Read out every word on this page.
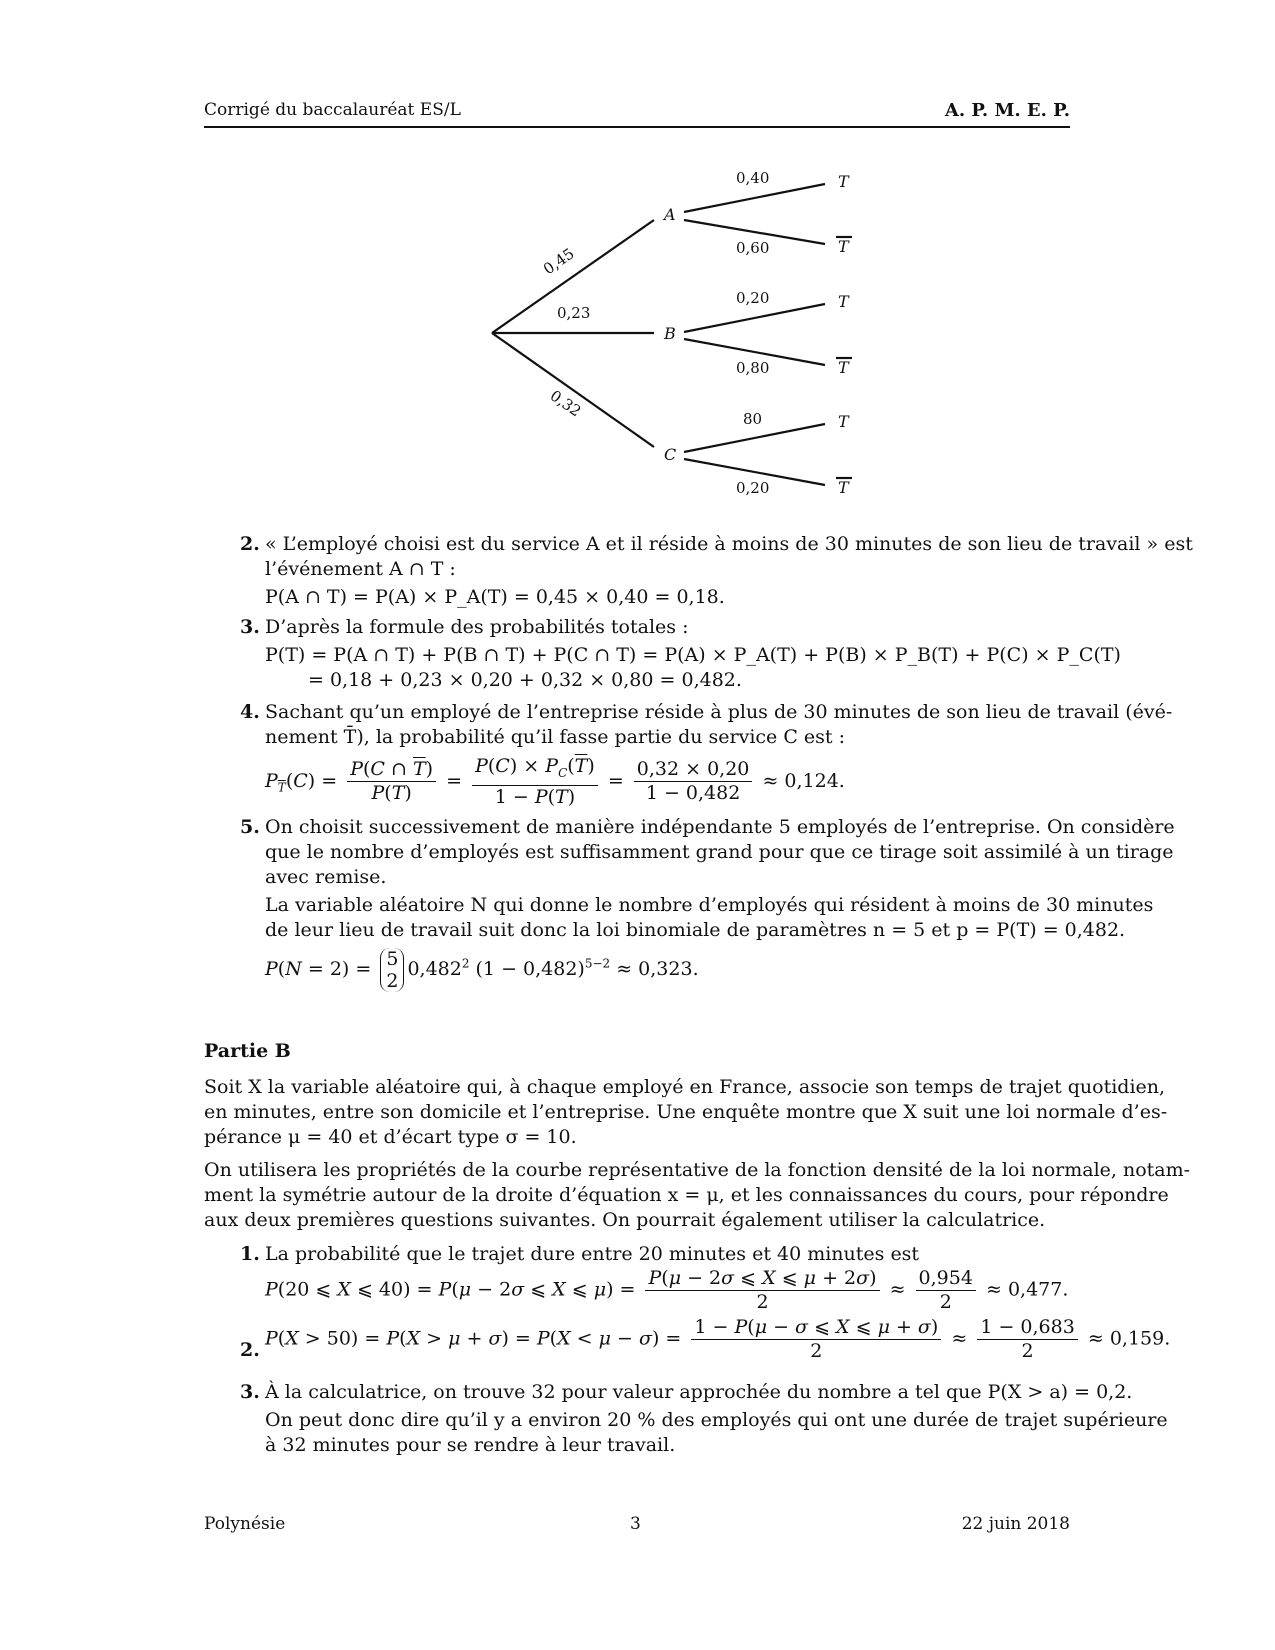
Corrigé du baccalauréat ES/L	A. P. M. E. P.
A
B
C
0,45
0,23
0,32
0,40
0,60
0,20
0,80
80
0,20
T
T
T
T
T
T
2. « L’employé choisi est du service A et il réside à moins de 30 minutes de son lieu de travail » est
l’événement A ∩ T :
P(A ∩ T) = P(A) × P_A(T) = 0,45 × 0,40 = 0,18.
3. D’après la formule des probabilités totales :
P(T) = P(A ∩ T) + P(B ∩ T) + P(C ∩ T) = P(A) × P_A(T) + P(B) × P_B(T) + P(C) × P_C(T)
= 0,18 + 0,23 × 0,20 + 0,32 × 0,80 = 0,482.
4. Sachant qu’un employé de l’entreprise réside à plus de 30 minutes de son lieu de travail (évé-
nement T̄), la probabilité qu’il fasse partie du service C est :
$P_{\overline{T}}(C) = \frac{P(C \cap \overline{T})}{P(\overline{T})} = \frac{P(C) \times P_C(\overline{T})}{1 - P(T)} = \frac{0,32 \times 0,20}{1 - 0,482} \approx 0,124$.
5. On choisit successivement de manière indépendante 5 employés de l’entreprise. On considère
que le nombre d’employés est suffisamment grand pour que ce tirage soit assimilé à un tirage
avec remise.
La variable aléatoire N qui donne le nombre d’employés qui résident à moins de 30 minutes
de leur lieu de travail suit donc la loi binomiale de paramètres n = 5 et p = P(T) = 0,482.
P(N = 2) = 5
2
0,482$^2$ $(1 - 0,482)^{5-2} \approx 0,323$.
Partie B
Soit X la variable aléatoire qui, à chaque employé en France, associe son temps de trajet quotidien,
en minutes, entre son domicile et l’entreprise. Une enquête montre que X suit une loi normale d’es-
pérance μ = 40 et d’écart type σ = 10.
On utilisera les propriétés de la courbe représentative de la fonction densité de la loi normale, notam-
ment la symétrie autour de la droite d’équation x = μ, et les connaissances du cours, pour répondre
aux deux premières questions suivantes. On pourrait également utiliser la calculatrice.
1. La probabilité que le trajet dure entre 20 minutes et 40 minutes est
P(20 ⩽ X ⩽ 40) = P(μ − 2σ ⩽ X ⩽ $\mu) = \frac{P(\mu - 2\sigma ⩽ X ⩽ \mu + 2\sigma)}{2} \approx \frac{0,954}{2} \approx 0,477$.
2.
$P(X > 50) = P(X > \mu + \sigma) = P(X < \mu - \sigma) = \frac{1 - P(\mu - \sigma ⩽ X ⩽ \mu + \sigma)}{2} \approx \frac{1 - 0,683}{2} \approx 0,159$.
3. À la calculatrice, on trouve 32 pour valeur approchée du nombre a tel que P(X > a) = 0,2.
On peut donc dire qu’il y a environ 20 % des employés qui ont une durée de trajet supérieure
à 32 minutes pour se rendre à leur travail.
Polynésie	3	22 juin 2018
